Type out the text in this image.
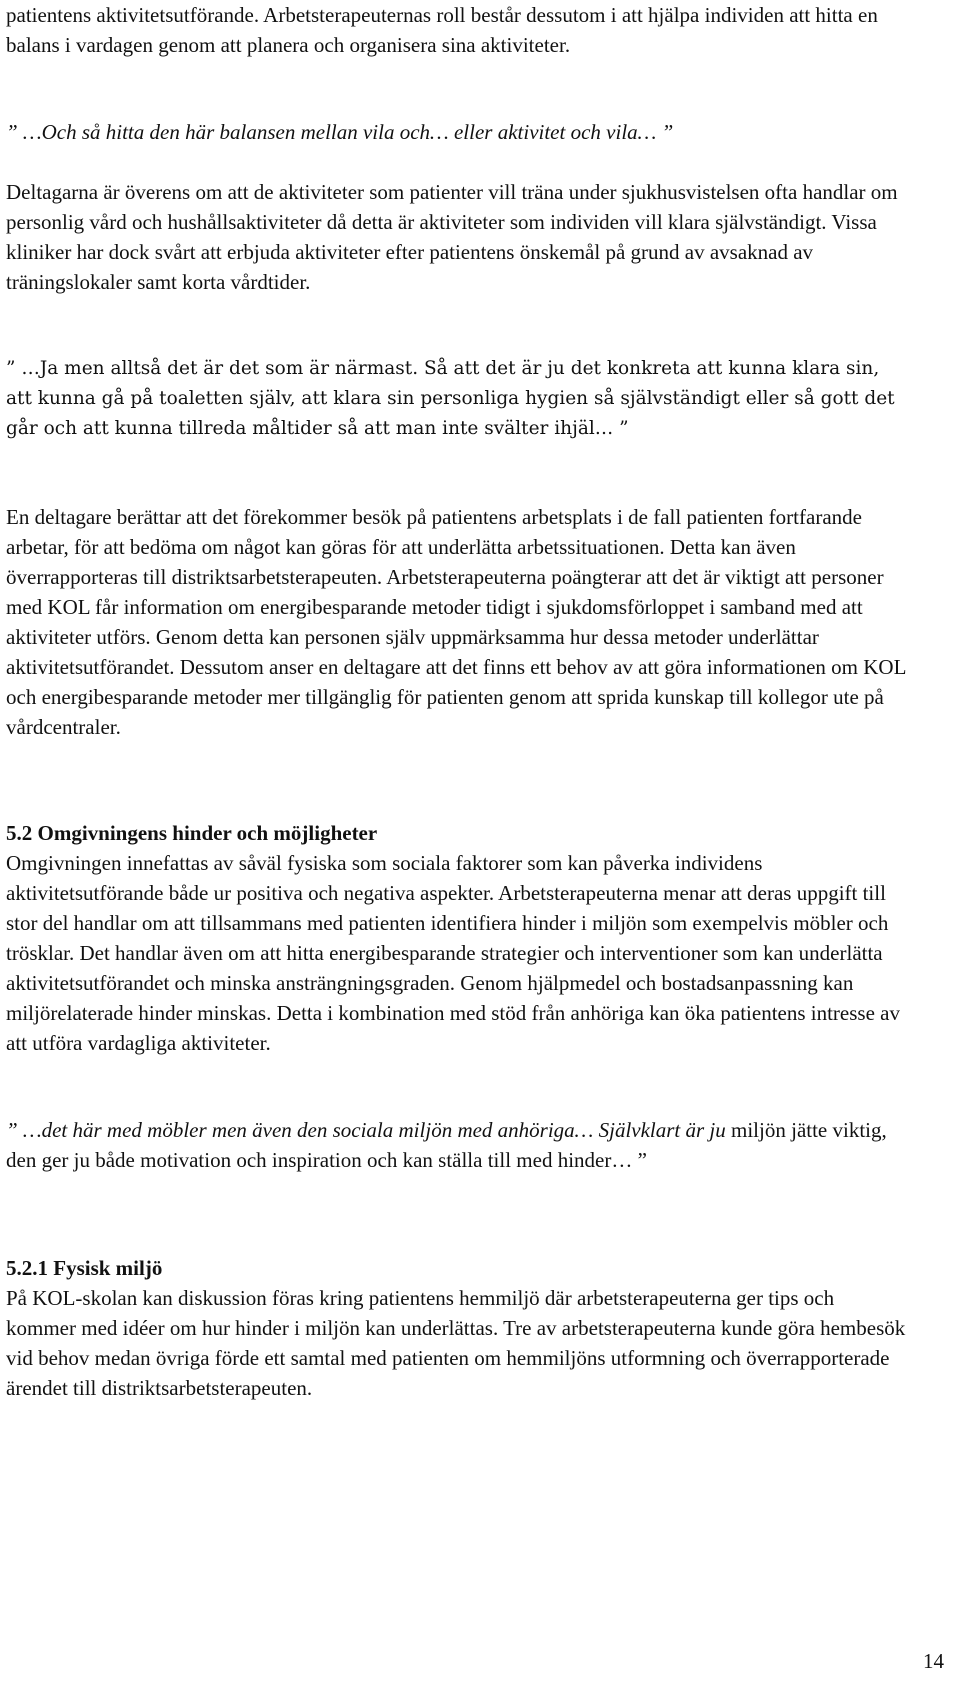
patientens aktivitetsutförande. Arbetsterapeuternas roll består dessutom i att hjälpa individen att hitta en balans i vardagen genom att planera och organisera sina aktiviteter.

” …Och så hitta den här balansen mellan vila och… eller aktivitet och vila… ”

Deltagarna är överens om att de aktiviteter som patienter vill träna under sjukhusvistelsen ofta handlar om personlig vård och hushållsaktiviteter då detta är aktiviteter som individen vill klara självständigt. Vissa kliniker har dock svårt att erbjuda aktiviteter efter patientens önskemål på grund av avsaknad av träningslokaler samt korta vårdtider.

” …Ja men alltså det är det som är närmast. Så att det är ju det konkreta att kunna klara sin, att kunna gå på toaletten själv, att klara sin personliga hygien så självständigt eller så gott det går och att kunna tillreda måltider så att man inte svälter ihjäl… ”

En deltagare berättar att det förekommer besök på patientens arbetsplats i de fall patienten fortfarande arbetar, för att bedöma om något kan göras för att underlätta arbetssituationen. Detta kan även överrapporteras till distriktsarbetsterapeuten. Arbetsterapeuterna poängterar att det är viktigt att personer med KOL får information om energibesparande metoder tidigt i sjukdomsförloppet i samband med att aktiviteter utförs. Genom detta kan personen själv uppmärksamma hur dessa metoder underlättar aktivitetsutförandet. Dessutom anser en deltagare att det finns ett behov av att göra informationen om KOL och energibesparande metoder mer tillgänglig för patienten genom att sprida kunskap till kollegor ute på vårdcentraler.

5.2 Omgivningens hinder och möjligheter

Omgivningen innefattas av såväl fysiska som sociala faktorer som kan påverka individens aktivitetsutförande både ur positiva och negativa aspekter. Arbetsterapeuterna menar att deras uppgift till stor del handlar om att tillsammans med patienten identifiera hinder i miljön som exempelvis möbler och trösklar. Det handlar även om att hitta energibesparande strategier och interventioner som kan underlätta aktivitetsutförandet och minska ansträngningsgraden. Genom hjälpmedel och bostadsanpassning kan miljörelaterade hinder minskas. Detta i kombination med stöd från anhöriga kan öka patientens intresse av att utföra vardagliga aktiviteter.

” …det här med möbler men även den sociala miljön med anhöriga… Självklart är ju miljön jätte viktig, den ger ju både motivation och inspiration och kan ställa till med hinder… ”

5.2.1 Fysisk miljö

På KOL-skolan kan diskussion föras kring patientens hemmiljö där arbetsterapeuterna ger tips och kommer med idéer om hur hinder i miljön kan underlättas. Tre av arbetsterapeuterna kunde göra hembesök vid behov medan övriga förde ett samtal med patienten om hemmiljöns utformning och överrapporterade ärendet till distriktsarbetsterapeuten.

14
